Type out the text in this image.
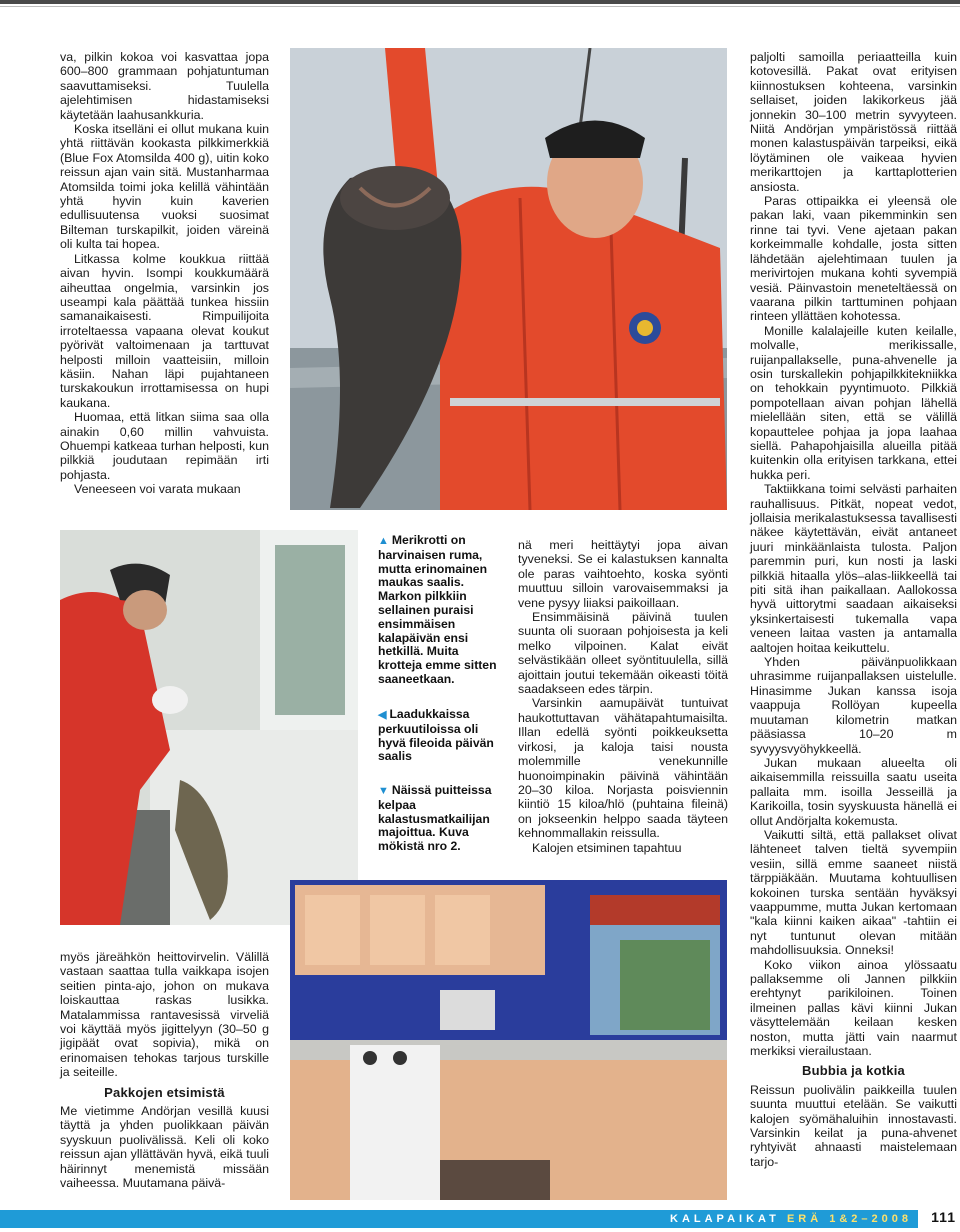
va, pilkin kokoa voi kasvattaa jopa 600–800 grammaan pohjatuntuman saavuttamiseksi. Tuulella ajelehtimisen hidastamiseksi käytetään laahusankkuria.

Koska itselläni ei ollut mukana kuin yhtä riittävän kookasta pilkkimerkkiä (Blue Fox Atomsilda 400 g), uitin koko reissun ajan vain sitä. Mustanharmaa Atomsilda toimi joka kelillä vähintään yhtä hyvin kuin kaverien edullisuutensa vuoksi suosimat Bilteman turskapilkit, joiden väreinä oli kulta tai hopea.

Litkassa kolme koukkua riittää aivan hyvin. Isompi koukkumäärä aiheuttaa ongelmia, varsinkin jos useampi kala päättää tunkea hissiin samanaikaisesti. Rimpuilijoita irroteltaessa vapaana olevat koukut pyörivät valtoimenaan ja tarttuvat helposti milloin vaatteisiin, milloin käsiin. Nahan läpi pujahtaneen turskakoukun irrottamisessa on hupi kaukana.

Huomaa, että litkan siima saa olla ainakin 0,60 millin vahvuista. Ohuempi katkeaa turhan helposti, kun pilkkiä joudutaan repimään irti pohjasta.

Veneeseen voi varata mukaan

▲ Merikrotti on harvinaisen ruma, mutta erinomainen maukas saalis. Markon pilkkiin sellainen puraisi ensimmäisen kalapäivän ensi hetkillä. Muita krotteja emme sitten saaneetkaan.
◀ Laadukkaissa perkuutiloissa oli hyvä fileoida päivän saalis
▼ Näissä puitteissa kelpaa kalastusmatkailijan majoittua. Kuva mökistä nro 2.

nä meri heittäytyi jopa aivan tyveneksi. Se ei kalastuksen kannalta ole paras vaihtoehto, koska syönti muuttuu silloin varovaisemmaksi ja vene pysyy liiaksi paikoillaan.

Ensimmäisinä päivinä tuulen suunta oli suoraan pohjoisesta ja keli melko vilpoinen. Kalat eivät selvästikään olleet syöntituulella, sillä ajoittain joutui tekemään oikeasti töitä saadakseen edes tärpin.

Varsinkin aamupäivät tuntuivat haukottuttavan vähätapahtumaisilta. Illan edellä syönti poikkeuksetta virkosi, ja kaloja taisi nousta molemmille venekunnille huonoimpinakin päivinä vähintään 20–30 kiloa. Norjasta poisviennin kiintiö 15 kiloa/hlö (puhtaina fileinä) on jokseenkin helppo saada täyteen kehnommallakin reissulla.

Kalojen etsiminen tapahtuu

myös järeähkön heittovirvelin. Välillä vastaan saattaa tulla vaikkapa isojen seitien pinta-ajo, johon on mukava loiskauttaa raskas lusikka. Matalammissa rantavesissä virveliä voi käyttää myös jigittelyyn (30–50 g jigipäät ovat sopivia), mikä on erinomaisen tehokas tarjous turskille ja seiteille.

Pakkojen etsimistä

Me vietimme Andörjan vesillä kuusi täyttä ja yhden puolikkaan päivän syyskuun puolivälissä. Keli oli koko reissun ajan yllättävän hyvä, eikä tuuli häirinnyt menemistä missään vaiheessa. Muutamana päivä-

paljolti samoilla periaatteilla kuin kotovesillä. Pakat ovat erityisen kiinnostuksen kohteena, varsinkin sellaiset, joiden lakikorkeus jää jonnekin 30–100 metrin syvyyteen. Niitä Andörjan ympäristössä riittää monen kalastuspäivän tarpeiksi, eikä löytäminen ole vaikeaa hyvien merikarttojen ja karttaplotterien ansiosta.

Paras ottipaikka ei yleensä ole pakan laki, vaan pikemminkin sen rinne tai tyvi. Vene ajetaan pakan korkeimmalle kohdalle, josta sitten lähdetään ajelehtimaan tuulen ja merivirtojen mukana kohti syvempiä vesiä. Päinvastoin meneteltäessä on vaarana pilkin tarttuminen pohjaan rinteen yllättäen kohotessa.

Monille kalalajeille kuten keilalle, molvalle, merikissalle, ruijanpallakselle, puna-ahvenelle ja osin turskallekin pohjapilkkitekniikka on tehokkain pyyntimuoto. Pilkkiä pompotellaan aivan pohjan lähellä mielellään siten, että se välillä kopauttelee pohjaa ja jopa laahaa siellä. Pahapohjaisilla alueilla pitää kuitenkin olla erityisen tarkkana, ettei hukka peri.

Taktiikkana toimi selvästi parhaiten rauhallisuus. Pitkät, nopeat vedot, jollaisia merikalastuksessa tavallisesti näkee käytettävän, eivät antaneet juuri minkäänlaista tulosta. Paljon paremmin puri, kun nosti ja laski pilkkiä hitaalla ylös–alas-liikkeellä tai piti sitä ihan paikallaan. Aallokossa hyvä uittorytmi saadaan aikaiseksi yksinkertaisesti tukemalla vapa veneen laitaa vasten ja antamalla aaltojen hoitaa keikuttelu.

Yhden päivänpuolikkaan uhrasimme ruijanpallaksen uistelulle. Hinasimme Jukan kanssa isoja vaappuja Rollöyan kupeella muutaman kilometrin matkan pääsiassa 10–20 m syvyysvyöhykkeellä.

Jukan mukaan alueelta oli aikaisemmilla reissuilla saatu useita pallaita mm. isoilla Jesseillä ja Karikoilla, tosin syyskuusta hänellä ei ollut Andörjalta kokemusta.

Vaikutti siltä, että pallakset olivat lähteneet talven tieltä syvempiin vesiin, sillä emme saaneet niistä tärppiäkään. Muutama kohtuullisen kokoinen turska sentään hyväksyi vaappumme, mutta Jukan kertomaan "kala kiinni kaiken aikaa" -tahtiin ei nyt tuntunut olevan mitään mahdollisuuksia. Onneksi!

Koko viikon ainoa ylössaatu pallaksemme oli Jannen pilkkiin erehtynyt parikiloinen. Toinen ilmeinen pallas kävi kiinni Jukan väsyttelemään keilaan kesken noston, mutta jätti vain naarmut merkiksi vierailustaan.

Bubbia ja kotkia

Reissun puolivälin paikkeilla tuulen suunta muuttui etelään. Se vaikutti kalojen syömähaluihin innostavasti. Varsinkin keilat ja puna-ahvenet ryhtyivät ahnaasti maistelemaan tarjo-

KALAPAIKAT ERÄ 1&2–2008 111
